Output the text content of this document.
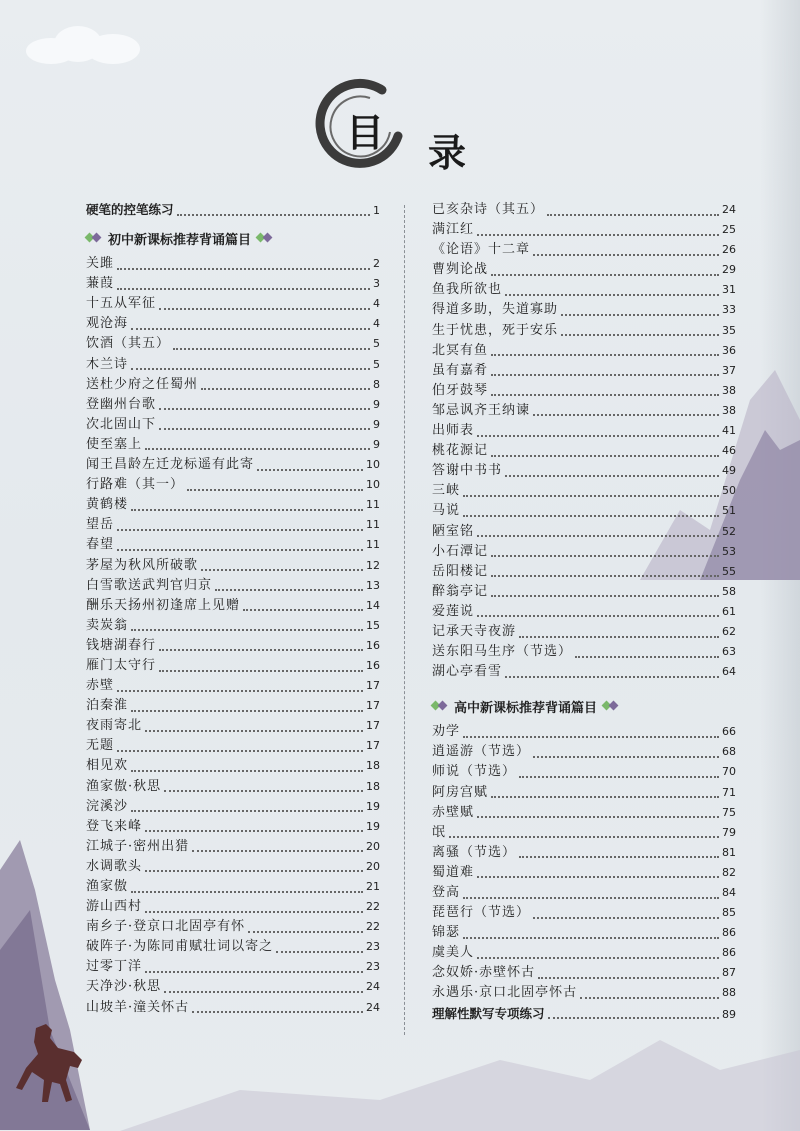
目 录
硬笔的控笔练习	1
初中新课标推荐背诵篇目
关雎	2
蒹葭	3
十五从军征	4
观沧海	4
饮酒（其五）	5
木兰诗	5
送杜少府之任蜀州	8
登幽州台歌	9
次北固山下	9
使至塞上	9
闻王昌龄左迁龙标遥有此寄	10
行路难（其一）	10
黄鹤楼	11
望岳	11
春望	11
茅屋为秋风所破歌	12
白雪歌送武判官归京	13
酬乐天扬州初逢席上见赠	14
卖炭翁	15
钱塘湖春行	16
雁门太守行	16
赤壁	17
泊秦淮	17
夜雨寄北	17
无题	17
相见欢	18
渔家傲·秋思	18
浣溪沙	19
登飞来峰	19
江城子·密州出猎	20
水调歌头	20
渔家傲	21
游山西村	22
南乡子·登京口北固亭有怀	22
破阵子·为陈同甫赋壮词以寄之	23
过零丁洋	23
天净沙·秋思	24
山坡羊·潼关怀古	24
已亥杂诗（其五）	24
满江红	25
《论语》十二章	26
曹刿论战	29
鱼我所欲也	31
得道多助，失道寡助	33
生于忧患，死于安乐	35
北冥有鱼	36
虽有嘉肴	37
伯牙鼓琴	38
邹忌讽齐王纳谏	38
出师表	41
桃花源记	46
答谢中书书	49
三峡	50
马说	51
陋室铭	52
小石潭记	53
岳阳楼记	55
醉翁亭记	58
爱莲说	61
记承天寺夜游	62
送东阳马生序（节选）	63
湖心亭看雪	64
高中新课标推荐背诵篇目
劝学	66
逍遥游（节选）	68
师说（节选）	70
阿房宫赋	71
赤壁赋	75
氓	79
离骚（节选）	81
蜀道难	82
登高	84
琵琶行（节选）	85
锦瑟	86
虞美人	86
念奴娇·赤壁怀古	87
永遇乐·京口北固亭怀古	88
理解性默写专项练习	89
